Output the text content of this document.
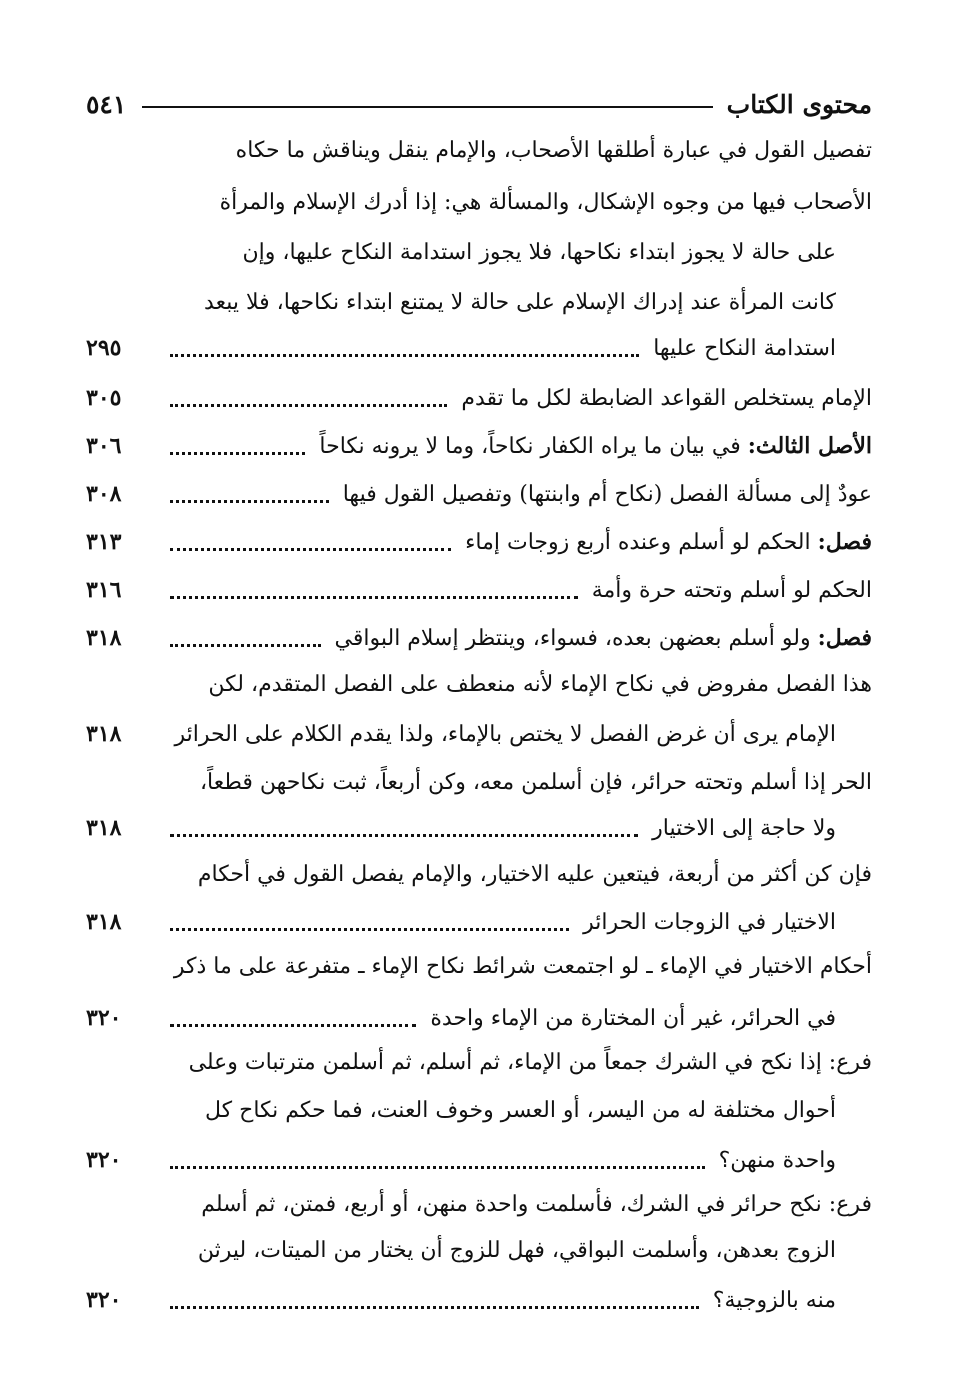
محتوى الكتاب
٥٤١
تفصيل القول في عبارة أطلقها الأصحاب، والإمام ينقل ويناقش ما حكاه
الأصحاب فيها من وجوه الإشكال، والمسألة هي: إذا أدرك الإسلام والمرأة
على حالة لا يجوز ابتداء نكاحها، فلا يجوز استدامة النكاح عليها، وإن
كانت المرأة عند إدراك الإسلام على حالة لا يمتنع ابتداء نكاحها، فلا يبعد
استدامة النكاح عليها
٢٩٥
الإمام يستخلص القواعد الضابطة لكل ما تقدم
٣٠٥
الأصل الثالث: في بيان ما يراه الكفار نكاحاً، وما لا يرونه نكاحاً
٣٠٦
عودٌ إلى مسألة الفصل (نكاح أم وابنتها) وتفصيل القول فيها
٣٠٨
فصل: الحكم لو أسلم وعنده أربع زوجات إماء
٣١٣
الحكم لو أسلم وتحته حرة وأمة
٣١٦
فصل: ولو أسلم بعضهن بعده، فسواء، وينتظر إسلام البواقي
٣١٨
هذا الفصل مفروض في نكاح الإماء لأنه منعطف على الفصل المتقدم، لكن
الإمام يرى أن غرض الفصل لا يختص بالإماء، ولذا يقدم الكلام على الحرائر
٣١٨
الحر إذا أسلم وتحته حرائر، فإن أسلمن معه، وكن أربعاً، ثبت نكاحهن قطعاً،
ولا حاجة إلى الاختيار
٣١٨
فإن كن أكثر من أربعة، فيتعين عليه الاختيار، والإمام يفصل القول في أحكام
الاختيار في الزوجات الحرائر
٣١٨
أحكام الاختيار في الإماء ـ لو اجتمعت شرائط نكاح الإماء ـ متفرعة على ما ذكر
في الحرائر، غير أن المختارة من الإماء واحدة
٣٢٠
فرع: إذا نكح في الشرك جمعاً من الإماء، ثم أسلم، ثم أسلمن مترتبات وعلى
أحوال مختلفة له من اليسر، أو العسر وخوف العنت، فما حكم نكاح كل
واحدة منهن؟
٣٢٠
فرع: نكح حرائر في الشرك، فأسلمت واحدة منهن، أو أربع، فمتن، ثم أسلم
الزوج بعدهن، وأسلمت البواقي، فهل للزوج أن يختار من الميتات، ليرثن
منه بالزوجية؟
٣٢٠
